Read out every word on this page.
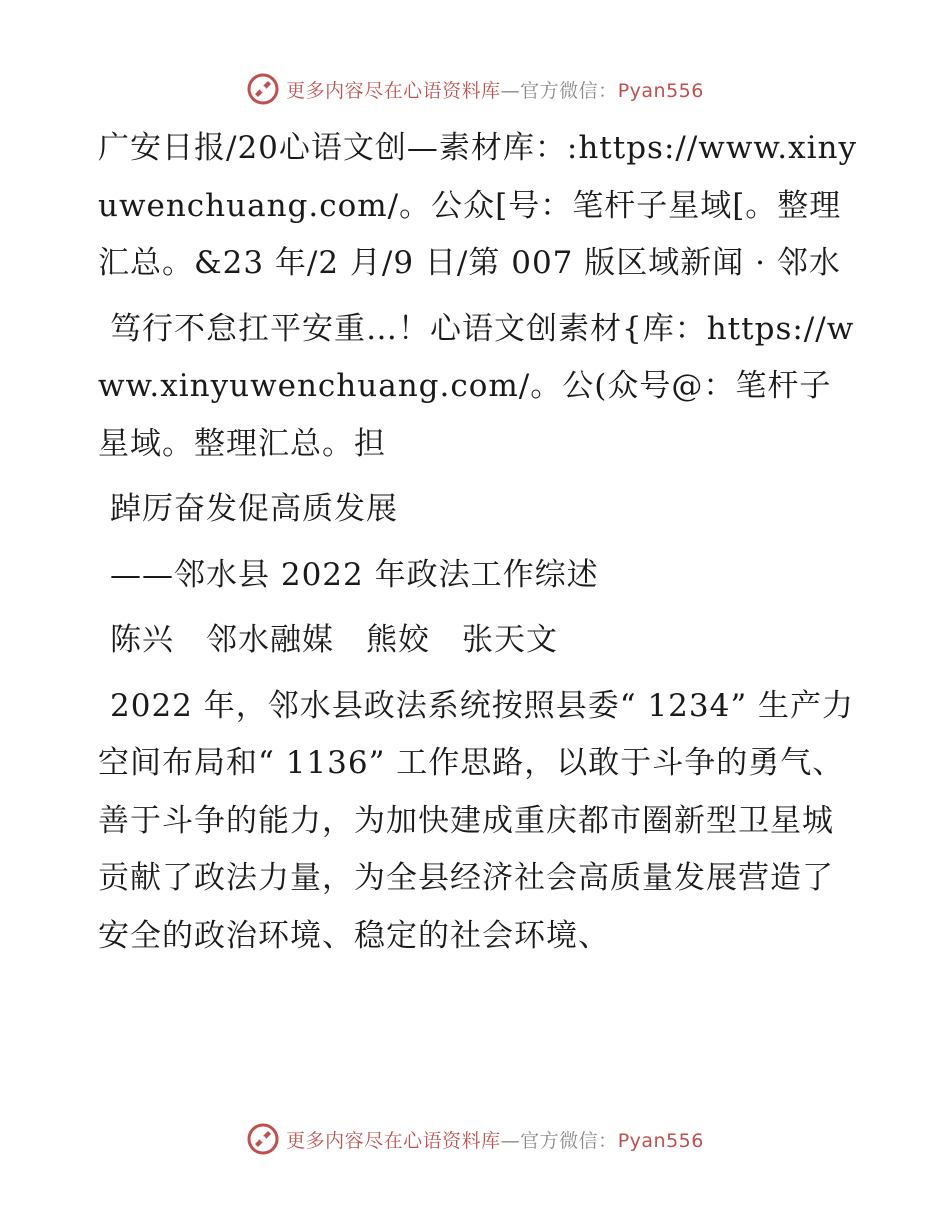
更多内容尽在心语资料库—官方微信：Pyan556

广安日报/20心语文创—素材库：:https://www.xinyuwenchuang.com/。公众[号：笔杆子星域[。整理汇总。&23 年/2 月/9 日/第 007 版区域新闻 · 邻水

笃行不怠扛平安重…！心语文创素材{库：https://www.xinyuwenchuang.com/。公(众号@：笔杆子星域。整理汇总。担

踔厉奋发促高质发展

——邻水县 2022 年政法工作综述

陈兴　邻水融媒　熊姣　张天文

2022 年，邻水县政法系统按照县委“ 1234” 生产力空间布局和“ 1136” 工作思路，以敢于斗争的勇气、善于斗争的能力，为加快建成重庆都市圈新型卫星城贡献了政法力量，为全县经济社会高质量发展营造了安全的政治环境、稳定的社会环境、

更多内容尽在心语资料库—官方微信：Pyan556
